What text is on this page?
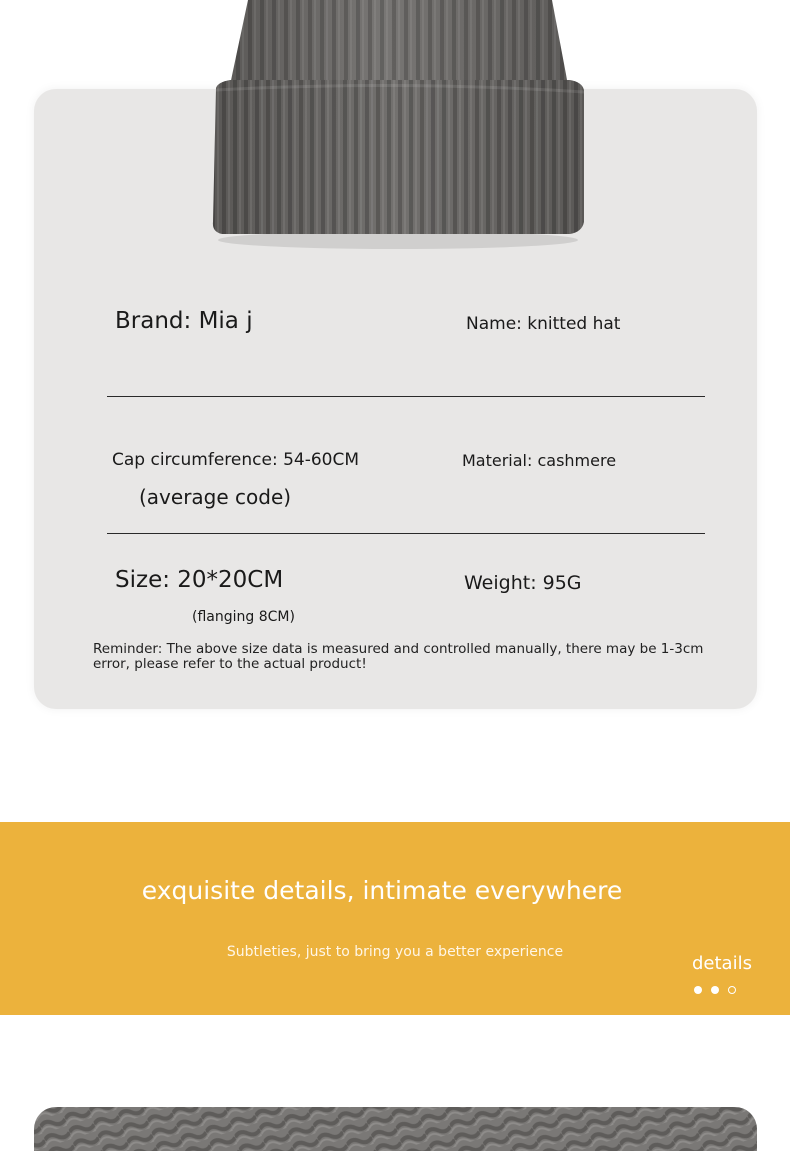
Brand: Mia j	Name: knitted hat
Cap circumference: 54-60CM
(average code)
Material: cashmere
Size: 20*20CM
(flanging 8CM)
Weight: 95G
Reminder: The above size data is measured and controlled manually, there may be 1-3cm error, please refer to the actual product!
exquisite details, intimate everywhere
Subtleties, just to bring you a better experience
details
